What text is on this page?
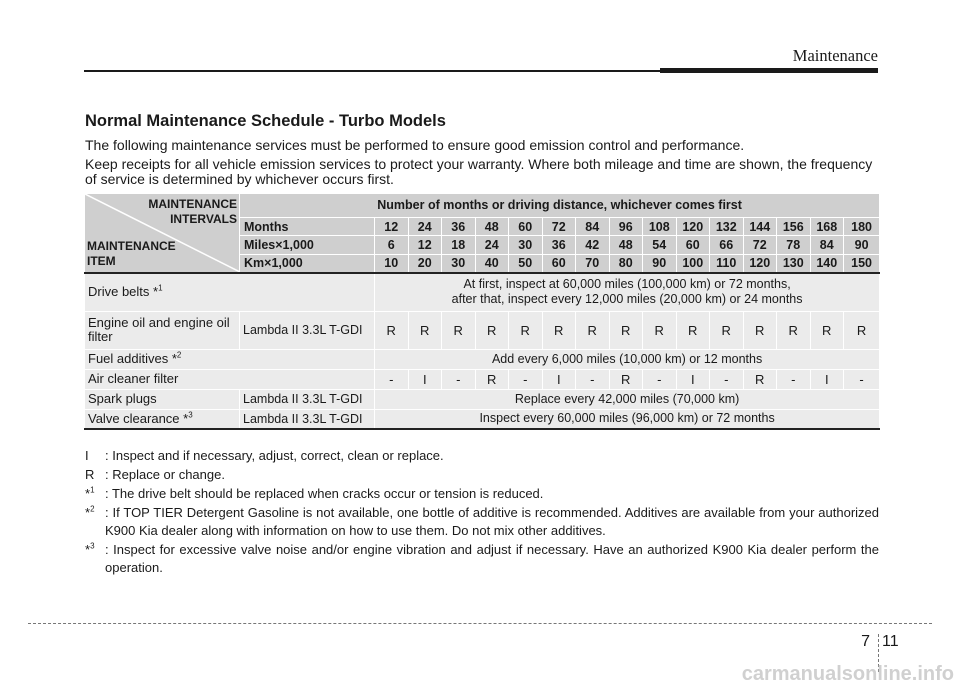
Maintenance
Normal Maintenance Schedule - Turbo Models
The following maintenance services must be performed to ensure good emission control and performance.
Keep receipts for all vehicle emission services to protect your warranty. Where both mileage and time are shown, the frequency of service is determined by whichever occurs first.
MAINTENANCE
INTERVALS
MAINTENANCE
ITEM	Number of months or driving distance, whichever comes first															
	Months	12	24	36	48	60	72	84	96	108	120	132	144	156	168	180
	Miles×1,000	6	12	18	24	30	36	42	48	54	60	66	72	78	84	90
	Km×1,000	10	20	30	40	50	60	70	80	90	100	110	120	130	140	150
Drive belts *$^1$		At first, inspect at 60,000 miles (100,000 km) or 72 months,
after that, inspect every 12,000 miles (20,000 km) or 24 months														

Engine oil and engine oil
filter	Lambda II 3.3L T-GDI	R	R	R	R	R	R	R	R	R	R	R	R	R	R	R
Fuel additives *$^2$		Add every 6,000 miles (10,000 km) or 12 months														
Air cleaner filter		-	I	-	R	-	I	-	R	-	I	-	R	-	I	-
Spark plugs	Lambda II 3.3L T-GDI	Replace every 42,000 miles (70,000 km)														
Valve clearance *$^3$	Lambda II 3.3L T-GDI	Inspect every 60,000 miles (96,000 km) or 72 months														
I	: Inspect and if necessary, adjust, correct, clean or replace.
R : Replace or change.
*$^1$ : The drive belt should be replaced when cracks occur or tension is reduced.
*$^2$ : If TOP TIER Detergent Gasoline is not available, one bottle of additive is recommended. Additives are available from your authorized K900 Kia dealer along with information on how to use them. Do not mix other additives.
*$^3$ : Inspect for excessive valve noise and/or engine vibration and adjust if necessary. Have an authorized K900 Kia dealer perform the operation.
7 11
carmanualsonline.info
